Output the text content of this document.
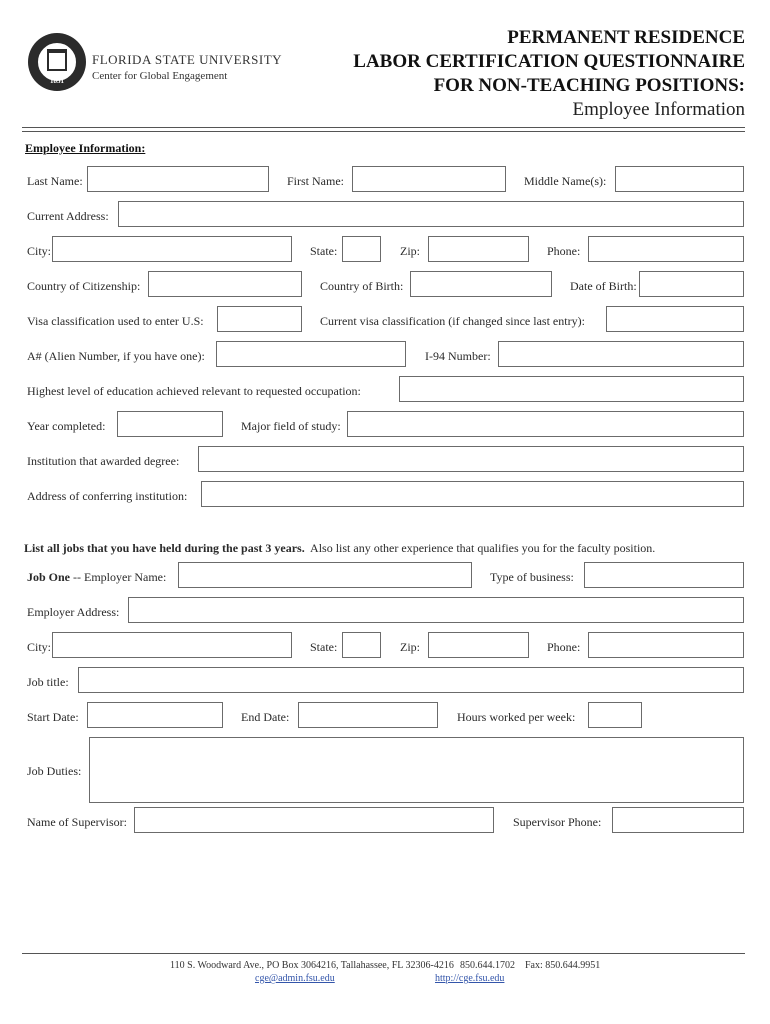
1851
FLORIDA STATE UNIVERSITY
Center for Global Engagement
PERMANENT RESIDENCE
LABOR CERTIFICATION QUESTIONNAIRE
FOR NON-TEACHING POSITIONS:
Employee Information
Employee Information:
Last Name:	First Name:	Middle Name(s):
Current Address:
City:	State:	Zip:	Phone:
Country of Citizenship:	Country of Birth:	Date of Birth:
Visa classification used to enter U.S:	Current visa classification (if changed since last entry):
A# (Alien Number, if you have one):	I-94 Number:
Highest level of education achieved relevant to requested occupation:
Year completed:	Major field of study:
Institution that awarded degree:
Address of conferring institution:
List all jobs that you have held during the past 3 years. Also list any other experience that qualifies you for the faculty position.
Job One -- Employer Name:	Type of business:
Employer Address:
City:	State:	Zip:	Phone:
Job title:
Start Date:	End Date:	Hours worked per week:
Job Duties:
Name of Supervisor:	Supervisor Phone:
110 S. Woodward Ave., PO Box 3064216, Tallahassee, FL 32306-4216 850.644.1702 Fax: 850.644.9951
cge@admin.fsu.edu	http://cge.fsu.edu
